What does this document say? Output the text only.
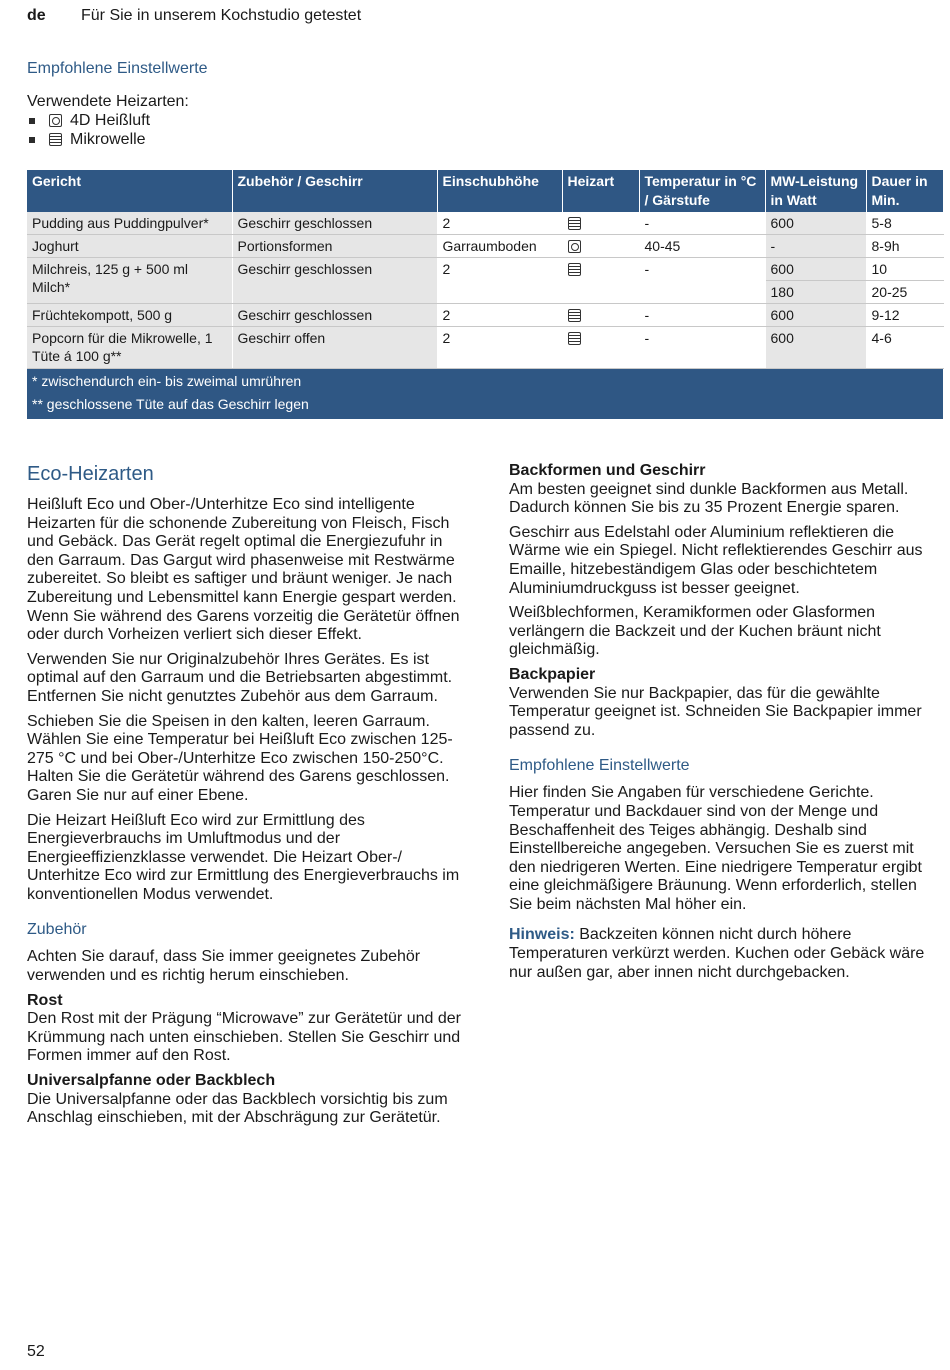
de Für Sie in unserem Kochstudio getestet
Empfohlene Einstellwerte
Verwendete Heizarten:
4D Heißluft
Mikrowelle
Gericht	Zubehör / Geschirr	Einschubhöhe	Heizart	Temperatur in °C / Gärstufe	MW-Leistung in Watt	Dauer in Min.
Pudding aus Puddingpulver*	Geschirr geschlossen	2		-	600	5-8
Joghurt	Portionsformen	Garraumboden		40-45	-	8-9h
Milchreis, 125 g + 500 ml Milch*	Geschirr geschlossen	2		-	600	10
					180	20-25
Früchtekompott, 500 g	Geschirr geschlossen	2		-	600	9-12
Popcorn für die Mikrowelle, 1 Tüte á 100 g**	Geschirr offen	2		-	600	4-6
* zwischendurch ein- bis zweimal umrühren						
** geschlossene Tüte auf das Geschirr legen						
Eco-Heizarten

Heißluft Eco und Ober-/Unterhitze Eco sind intelligente Heizarten für die schonende Zubereitung von Fleisch, Fisch und Gebäck. Das Gerät regelt optimal die Energiezufuhr in den Garraum. Das Gargut wird phasenweise mit Restwärme zubereitet. So bleibt es saftiger und bräunt weniger. Je nach Zubereitung und Lebensmittel kann Energie gespart werden. Wenn Sie während des Garens vorzeitig die Gerätetür öffnen oder durch Vorheizen verliert sich dieser Effekt.

Verwenden Sie nur Originalzubehör Ihres Gerätes. Es ist optimal auf den Garraum und die Betriebsarten abgestimmt. Entfernen Sie nicht genutztes Zubehör aus dem Garraum.

Schieben Sie die Speisen in den kalten, leeren Garraum. Wählen Sie eine Temperatur bei Heißluft Eco zwischen 125-275 °C und bei Ober-/Unterhitze Eco zwischen 150-250°C. Halten Sie die Gerätetür während des Garens geschlossen. Garen Sie nur auf einer Ebene.

Die Heizart Heißluft Eco wird zur Ermittlung des Energieverbrauchs im Umluftmodus und der Energieeffizienzklasse verwendet. Die Heizart Ober-/ Unterhitze Eco wird zur Ermittlung des Energieverbrauchs im konventionellen Modus verwendet.

Zubehör

Achten Sie darauf, dass Sie immer geeignetes Zubehör verwenden und es richtig herum einschieben.

Rost

Den Rost mit der Prägung “Microwave” zur Gerätetür und der Krümmung nach unten einschieben. Stellen Sie Geschirr und Formen immer auf den Rost.

Universalpfanne oder Backblech

Die Universalpfanne oder das Backblech vorsichtig bis zum Anschlag einschieben, mit der Abschrägung zur Gerätetür.

Backformen und Geschirr

Am besten geeignet sind dunkle Backformen aus Metall. Dadurch können Sie bis zu 35 Prozent Energie sparen.

Geschirr aus Edelstahl oder Aluminium reflektieren die Wärme wie ein Spiegel. Nicht reflektierendes Geschirr aus Emaille, hitzebeständigem Glas oder beschichtetem Aluminiumdruckguss ist besser geeignet.

Weißblechformen, Keramikformen oder Glasformen verlängern die Backzeit und der Kuchen bräunt nicht gleichmäßig.

Backpapier

Verwenden Sie nur Backpapier, das für die gewählte Temperatur geeignet ist. Schneiden Sie Backpapier immer passend zu.

Empfohlene Einstellwerte

Hier finden Sie Angaben für verschiedene Gerichte. Temperatur und Backdauer sind von der Menge und Beschaffenheit des Teiges abhängig. Deshalb sind Einstellbereiche angegeben. Versuchen Sie es zuerst mit den niedrigeren Werten. Eine niedrigere Temperatur ergibt eine gleichmäßigere Bräunung. Wenn erforderlich, stellen Sie beim nächsten Mal höher ein.

Hinweis: Backzeiten können nicht durch höhere Temperaturen verkürzt werden. Kuchen oder Gebäck wäre nur außen gar, aber innen nicht durchgebacken.

52
